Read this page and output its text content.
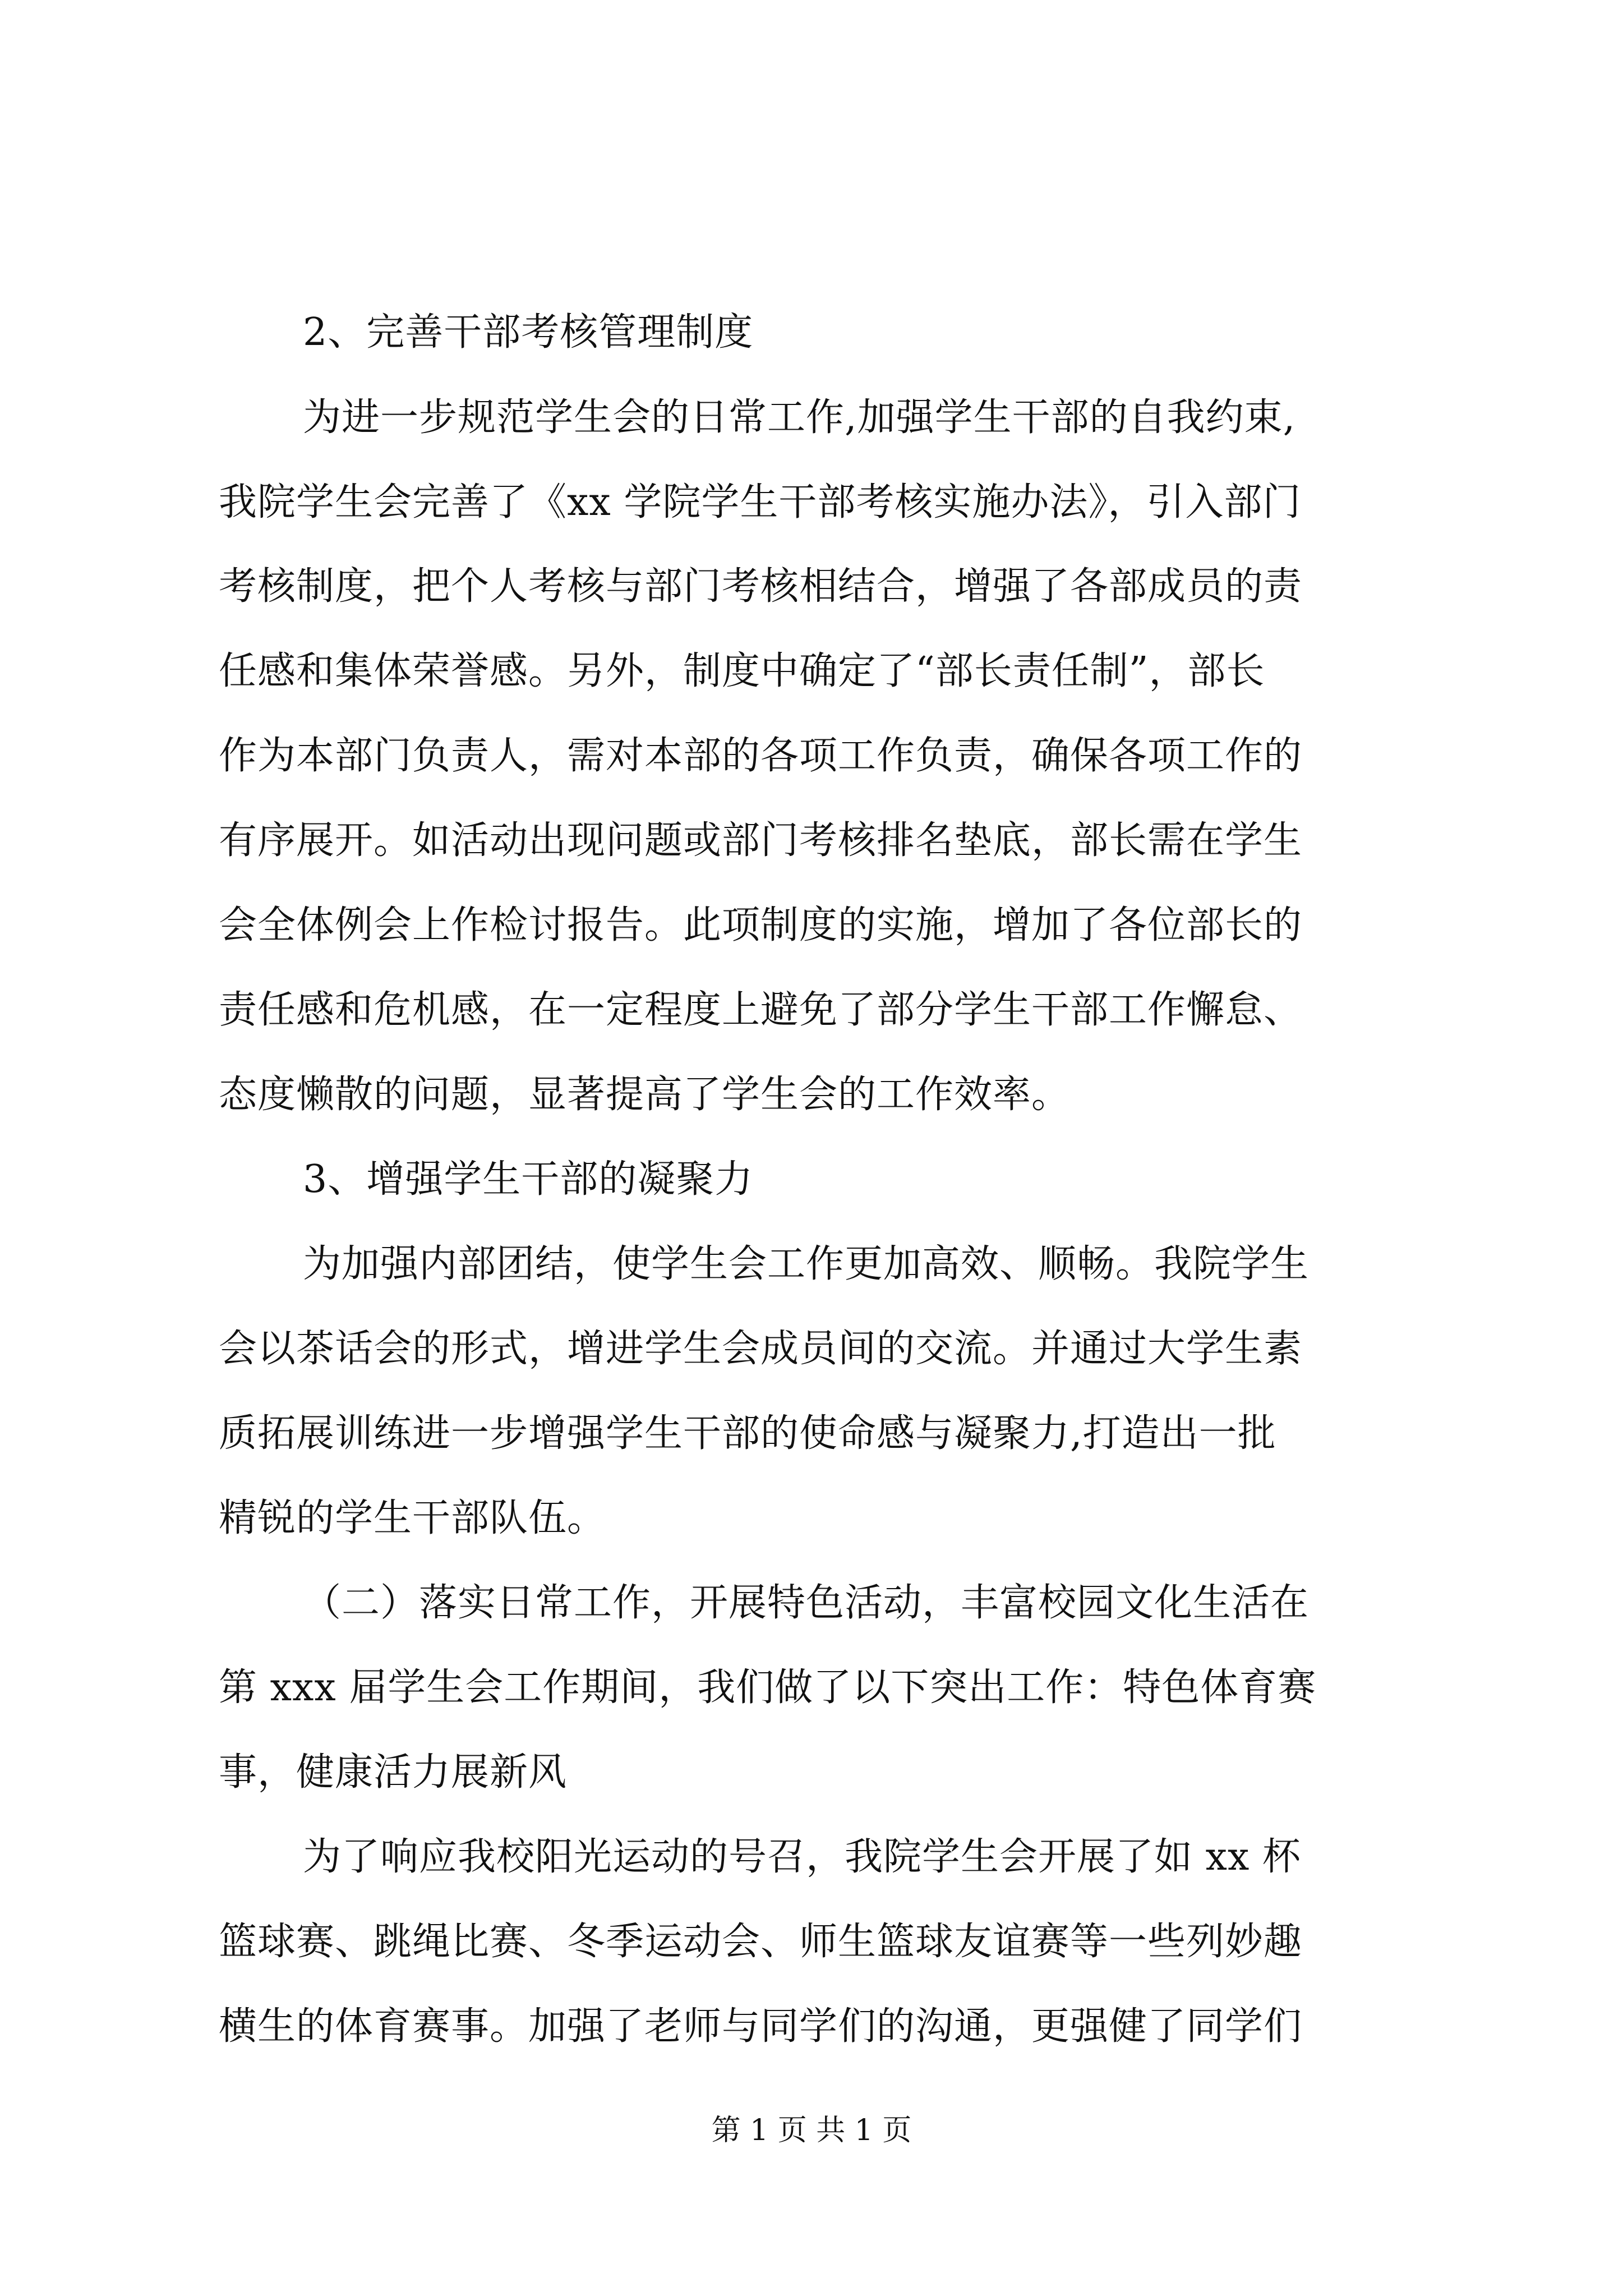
2、完善干部考核管理制度
为进一步规范学生会的日常工作,加强学生干部的自我约束,
我院学生会完善了《xx 学院学生干部考核实施办法》，引入部门
考核制度，把个人考核与部门考核相结合，增强了各部成员的责
任感和集体荣誉感。另外，制度中确定了“部长责任制”，部长
作为本部门负责人，需对本部的各项工作负责，确保各项工作的
有序展开。如活动出现问题或部门考核排名垫底，部长需在学生
会全体例会上作检讨报告。此项制度的实施，增加了各位部长的
责任感和危机感，在一定程度上避免了部分学生干部工作懈怠、
态度懒散的问题，显著提高了学生会的工作效率。
3、增强学生干部的凝聚力
为加强内部团结，使学生会工作更加高效、顺畅。我院学生
会以茶话会的形式，增进学生会成员间的交流。并通过大学生素
质拓展训练进一步增强学生干部的使命感与凝聚力,打造出一批
精锐的学生干部队伍。
（二）落实日常工作，开展特色活动，丰富校园文化生活在
第 xxx 届学生会工作期间，我们做了以下突出工作：特色体育赛
事，健康活力展新风
为了响应我校阳光运动的号召，我院学生会开展了如 xx 杯
篮球赛、跳绳比赛、冬季运动会、师生篮球友谊赛等一些列妙趣
横生的体育赛事。加强了老师与同学们的沟通，更强健了同学们
第 1 页 共 1 页
